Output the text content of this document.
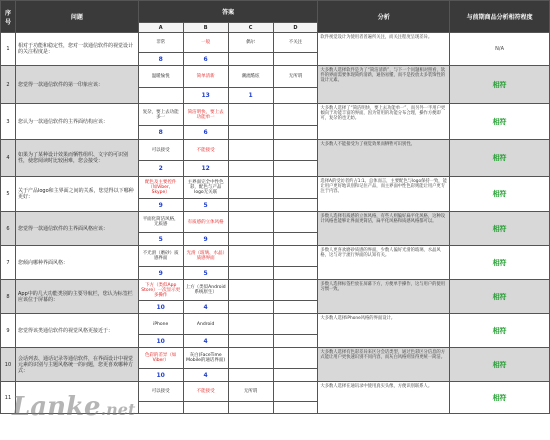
序号	问题	答案				分析	与前期商品分析相符程度
		A	B	C	D		
1	相对于功能和稳定性，您对一款通信软件的视觉设计的关注程度是：	非常	一般	偶尔	不关注	软件视觉设计为使用者普遍所关注，而关注程度呈现差异。	N/A
		8	6				
2	您觉得一款通信软件的第一印象应该：	温暖愉悦	简单清新	潮流酷炫	无所谓	大多数人选择软件是为了“简洁清新”，与下一个问题相对照看，软件的界面需要体现简约清新，通俗易懂，而不是投放太多装饰性的设计元素。	相符
			13	1			
3	您认为一款通信软件的主界面结构应该：	复杂，要上去功能多一	简洁明快，要上去功能单一			大多数人选择了“简洁明快，要上去功能单一”，而另外一半用户更倾向于功能丰富的界面，因为常用的功能分布合理，操作方便即可，复杂的也无妨。	相符
		8	6				
4	如果为了某种设计效果而牺牲组织、文字的可识别性，使您阅读时比较困难，您会接受：	可以接受	不能接受			大多数人不能接受为了视觉效果而牺牲可识别性。	相符
		2	12				
5	关于产品logo和主界面之间的关系，您觉得以下哪种更好：	配色及主要控件（如Viber、Skype）	主界面完全中性色彩，配色与产品logo无关联			选择A的受访者约占1:1。总体而言，主要配色与logo保持一致，能让用户更好地识别和记住产品，而主界面中性色彩则能让用户更专注于内容。	相符
		9	5				
6	您觉得一款通信软件的主界面风格应该：	平面化简洁风格，无质感	有质感的立体风格			多数人选择有质感的立体风格，有些人则偏好扁平化风格，这种设计风格也能够让界面更简洁，扁平化风格和质感风格都可以。	相符
		5	9				
7	您倾向哪种界面风格：	不光滑（磨砂）质感界面	光滑（玻璃、水晶）质感界面			多数人更喜欢磨砂质感的界面，少数人偏好光滑的玻璃、水晶风格，这与对于流行界面的认知有关。	相符
		9	5				
8	App中的几大功能类别的主要导航栏，您认为标签栏应该位于屏幕的：	下方（类似App Store）一次显示更多操作	上方（类似Android系统原生）			多数人选择标签栏放在屏幕下方，方便单手操作，这与用户的使用习惯一致。	相符
		10	4				
9	您觉得该类通信软件的视觉风格更接近于：	iPhone	Android			大多数人选择iPhone风格的界面设计。	相符
		10	4				
10	会话列表、通话记录等通信软件，在界面设计中视觉元素的识别与主题风格统一的问题，您更喜欢哪种方式：	色彩的差异（如Viber）	灰白(FaceTime Mobile的通话界面)			大多数人选择有色彩差异来区分会话类型，通过色彩区分信息的方式能让用户更快速识别不同内容，而灰白风格则显得更统一简洁。	相符
		10	4				
11		可以接受	不能接受	无所谓		大多数人选择在通讯录中使用真实头像，方便识别联系人。	相符

Lanke.net
